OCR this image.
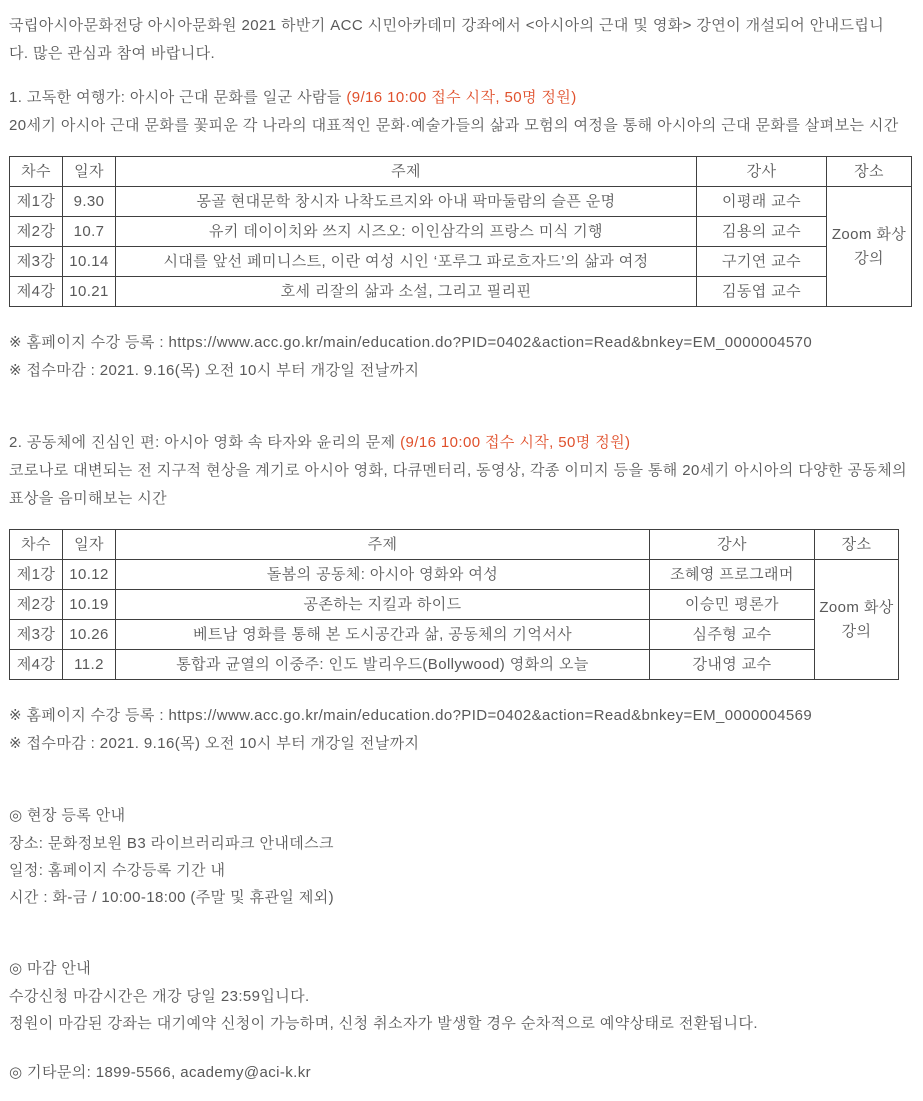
국립아시아문화전당 아시아문화원 2021 하반기 ACC 시민아카데미 강좌에서 <아시아의 근대 및 영화> 강연이 개설되어 안내드립니다. 많은 관심과 참여 바랍니다.

1. 고독한 여행가: 아시아 근대 문화를 일군 사람들 (9/16 10:00 접수 시작, 50명 정원)

20세기 아시아 근대 문화를 꽃피운 각 나라의 대표적인 문화·예술가들의 삶과 모험의 여정을 통해 아시아의 근대 문화를 살펴보는 시간

차수	일자	주제	강사	장소
제1강	9.30	몽골 현대문학 창시자 나착도르지와 아내 팍마둘람의 슬픈 운명	이평래 교수	Zoom 화상 강의
제2강	10.7	유키 데이이치와 쓰지 시즈오: 이인삼각의 프랑스 미식 기행	김용의 교수	
제3강	10.14	시대를 앞선 페미니스트, 이란 여성 시인 ‘포루그 파로흐자드’의 삶과 여정	구기연 교수	
제4강	10.21	호세 리잘의 삶과 소설, 그리고 필리핀	김동엽 교수	

※ 홈페이지 수강 등록 : https://www.acc.go.kr/main/education.do?PID=0402&action=Read&bnkey=EM_0000004570

※ 접수마감 : 2021. 9.16(목) 오전 10시 부터 개강일 전날까지

2. 공동체에 진심인 편: 아시아 영화 속 타자와 윤리의 문제 (9/16 10:00 접수 시작, 50명 정원)

코로나로 대변되는 전 지구적 현상을 계기로 아시아 영화, 다큐멘터리, 동영상, 각종 이미지 등을 통해 20세기 아시아의 다양한 공동체의 표상을 음미해보는 시간

차수	일자	주제	강사	장소
제1강	10.12	돌봄의 공동체: 아시아 영화와 여성	조혜영 프로그래머	Zoom 화상 강의
제2강	10.19	공존하는 지킬과 하이드	이승민 평론가	
제3강	10.26	베트남 영화를 통해 본 도시공간과 삶, 공동체의 기억서사	심주형 교수	
제4강	11.2	통합과 균열의 이중주: 인도 발리우드(Bollywood) 영화의 오늘	강내영 교수	

※ 홈페이지 수강 등록 : https://www.acc.go.kr/main/education.do?PID=0402&action=Read&bnkey=EM_0000004569

※ 접수마감 : 2021. 9.16(목) 오전 10시 부터 개강일 전날까지

◎ 현장 등록 안내

장소: 문화정보원 B3 라이브러리파크 안내데스크

일정: 홈페이지 수강등록 기간 내

시간 : 화-금 / 10:00-18:00 (주말 및 휴관일 제외)

◎ 마감 안내

수강신청 마감시간은 개강 당일 23:59입니다.

정원이 마감된 강좌는 대기예약 신청이 가능하며, 신청 취소자가 발생할 경우 순차적으로 예약상태로 전환됩니다.

◎ 기타문의: 1899-5566, academy@aci-k.kr
